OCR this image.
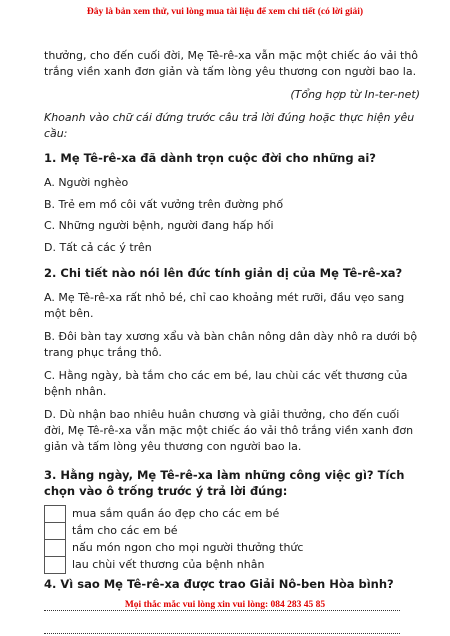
Đây là bản xem thử, vui lòng mua tài liệu để xem chi tiết (có lời giải)

thưởng, cho đến cuối đời, Mẹ Tê-rê-xa vẫn mặc một chiếc áo vải thô trắng viền xanh đơn giản và tấm lòng yêu thương con người bao la.

(Tổng hợp từ In-ter-net)

Khoanh vào chữ cái đứng trước câu trả lời đúng hoặc thực hiện yêu cầu:

1. Mẹ Tê-rê-xa đã dành trọn cuộc đời cho những ai?

A. Người nghèo

B. Trẻ em mồ côi vất vưởng trên đường phố

C. Những người bệnh, người đang hấp hối

D. Tất cả các ý trên

2. Chi tiết nào nói lên đức tính giản dị của Mẹ Tê-rê-xa?

A. Mẹ Tê-rê-xa rất nhỏ bé, chỉ cao khoảng mét rưỡi, đầu vẹo sang một bên.

B. Đôi bàn tay xương xẩu và bàn chân nông dân dày nhô ra dưới bộ trang phục trắng thô.

C. Hằng ngày, bà tắm cho các em bé, lau chùi các vết thương của bệnh nhân.

D. Dù nhận bao nhiêu huân chương và giải thưởng, cho đến cuối đời, Mẹ Tê-rê-xa vẫn mặc một chiếc áo vải thô trắng viền xanh đơn giản và tấm lòng yêu thương con người bao la.

3. Hằng ngày, Mẹ Tê-rê-xa làm những công việc gì? Tích chọn vào ô trống trước ý trả lời đúng:

	mua sắm quần áo đẹp cho các em bé
	tắm cho các em bé
	nấu món ngon cho mọi người thưởng thức
	lau chùi vết thương của bệnh nhân

4. Vì sao Mẹ Tê-rê-xa được trao Giải Nô-ben Hòa bình?

Mọi thắc mắc vui lòng xin vui lòng: 084 283 45 85
